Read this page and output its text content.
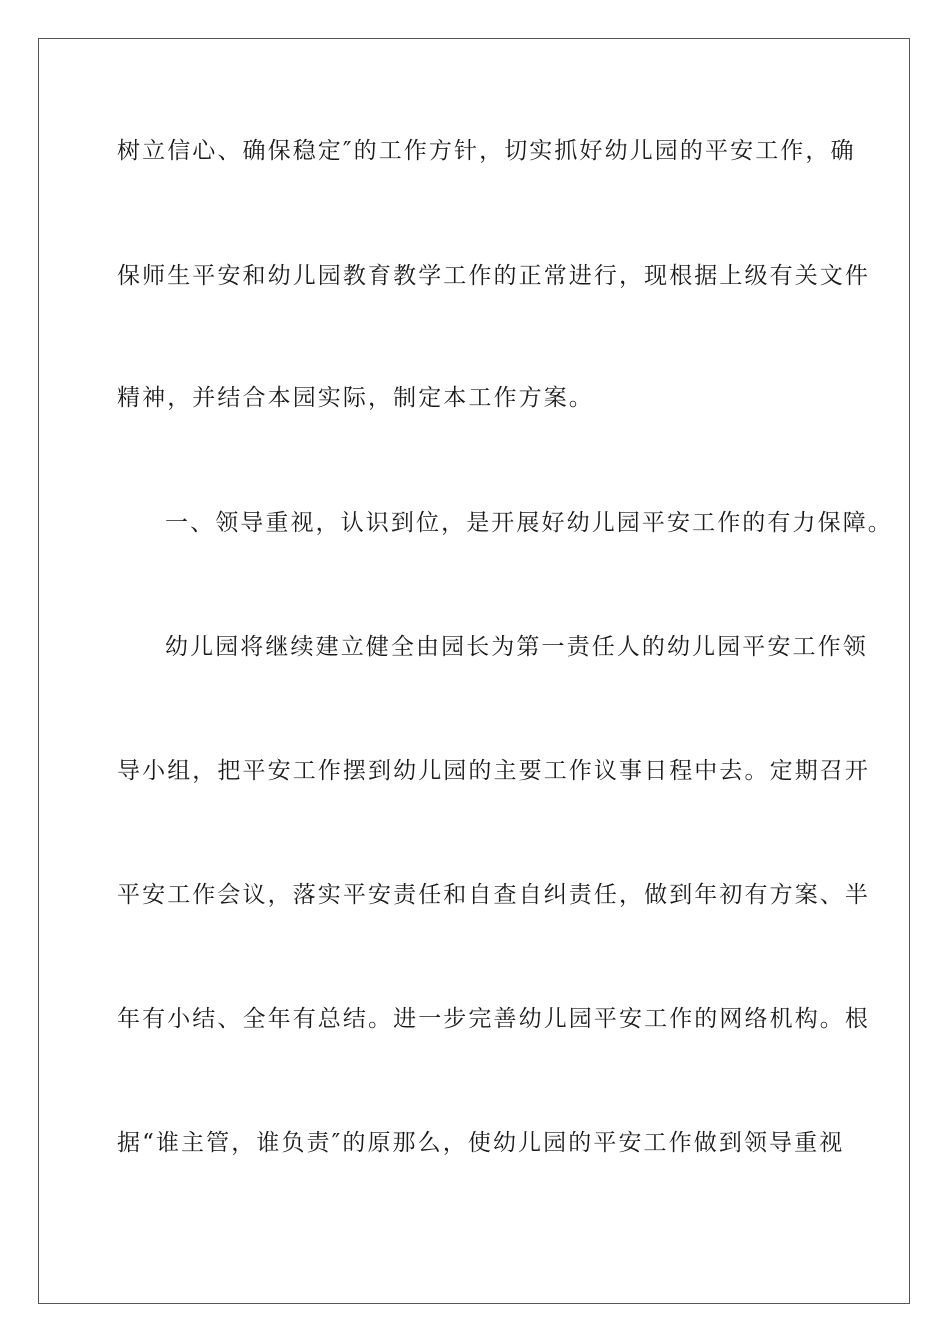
树立信心、确保稳定″的工作方针，切实抓好幼儿园的平安工作，确
保师生平安和幼儿园教育教学工作的正常进行，现根据上级有关文件
精神，并结合本园实际，制定本工作方案。
一、领导重视，认识到位，是开展好幼儿园平安工作的有力保障。
幼儿园将继续建立健全由园长为第一责任人的幼儿园平安工作领
导小组，把平安工作摆到幼儿园的主要工作议事日程中去。定期召开
平安工作会议，落实平安责任和自查自纠责任，做到年初有方案、半
年有小结、全年有总结。进一步完善幼儿园平安工作的网络机构。根
据“谁主管，谁负责″的原那么，使幼儿园的平安工作做到领导重视
